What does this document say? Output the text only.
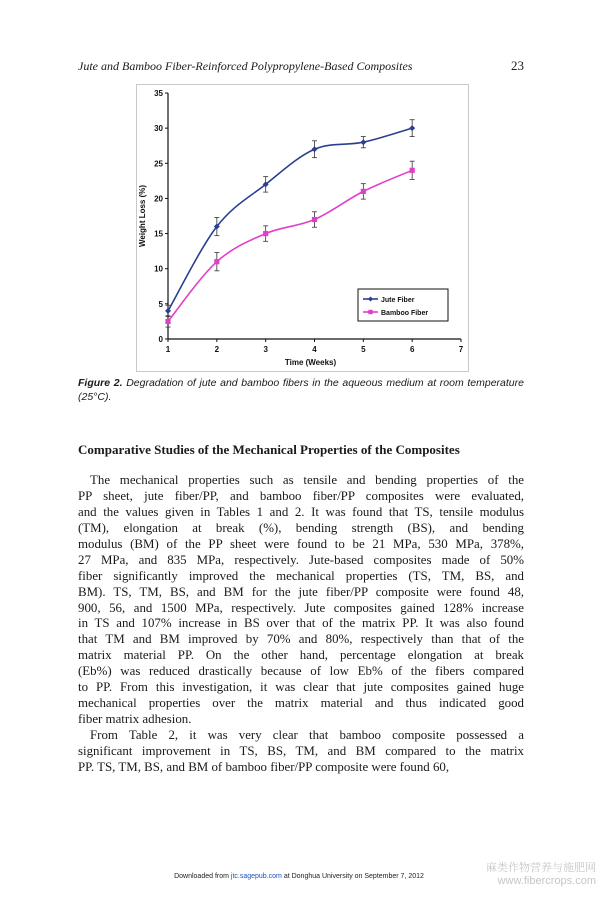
Jute and Bamboo Fiber-Reinforced Polypropylene-Based Composites	23
0
5
10
15
20
25
30
35
1	2	3	4	5	6	7
Time (Weeks)
Weight Loss (%)
Jute Fiber
Bamboo Fiber
Figure 2. Degradation of jute and bamboo fibers in the aqueous medium at room temperature (25°C).
Comparative Studies of the Mechanical Properties of the Composites
The mechanical properties such as tensile and bending properties of the
PP sheet, jute fiber/PP, and bamboo fiber/PP composites were evaluated,
and the values given in Tables 1 and 2. It was found that TS, tensile modulus
(TM), elongation at break (%), bending strength (BS), and bending
modulus (BM) of the PP sheet were found to be 21 MPa, 530 MPa, 378%,
27 MPa, and 835 MPa, respectively. Jute-based composites made of 50%
fiber significantly improved the mechanical properties (TS, TM, BS, and
BM). TS, TM, BS, and BM for the jute fiber/PP composite were found 48,
900, 56, and 1500 MPa, respectively. Jute composites gained 128% increase
in TS and 107% increase in BS over that of the matrix PP. It was also found
that TM and BM improved by 70% and 80%, respectively than that of the
matrix material PP. On the other hand, percentage elongation at break
(Eb%) was reduced drastically because of low Eb% of the fibers compared
to PP. From this investigation, it was clear that jute composites gained huge
mechanical properties over the matrix material and thus indicated good
fiber matrix adhesion.
From Table 2, it was very clear that bamboo composite possessed a
significant improvement in TS, BS, TM, and BM compared to the matrix
PP. TS, TM, BS, and BM of bamboo fiber/PP composite were found 60,
Downloaded from jtc.sagepub.com at Donghua University on September 7, 2012
麻类作物营养与施肥网
www.fibercrops.com
